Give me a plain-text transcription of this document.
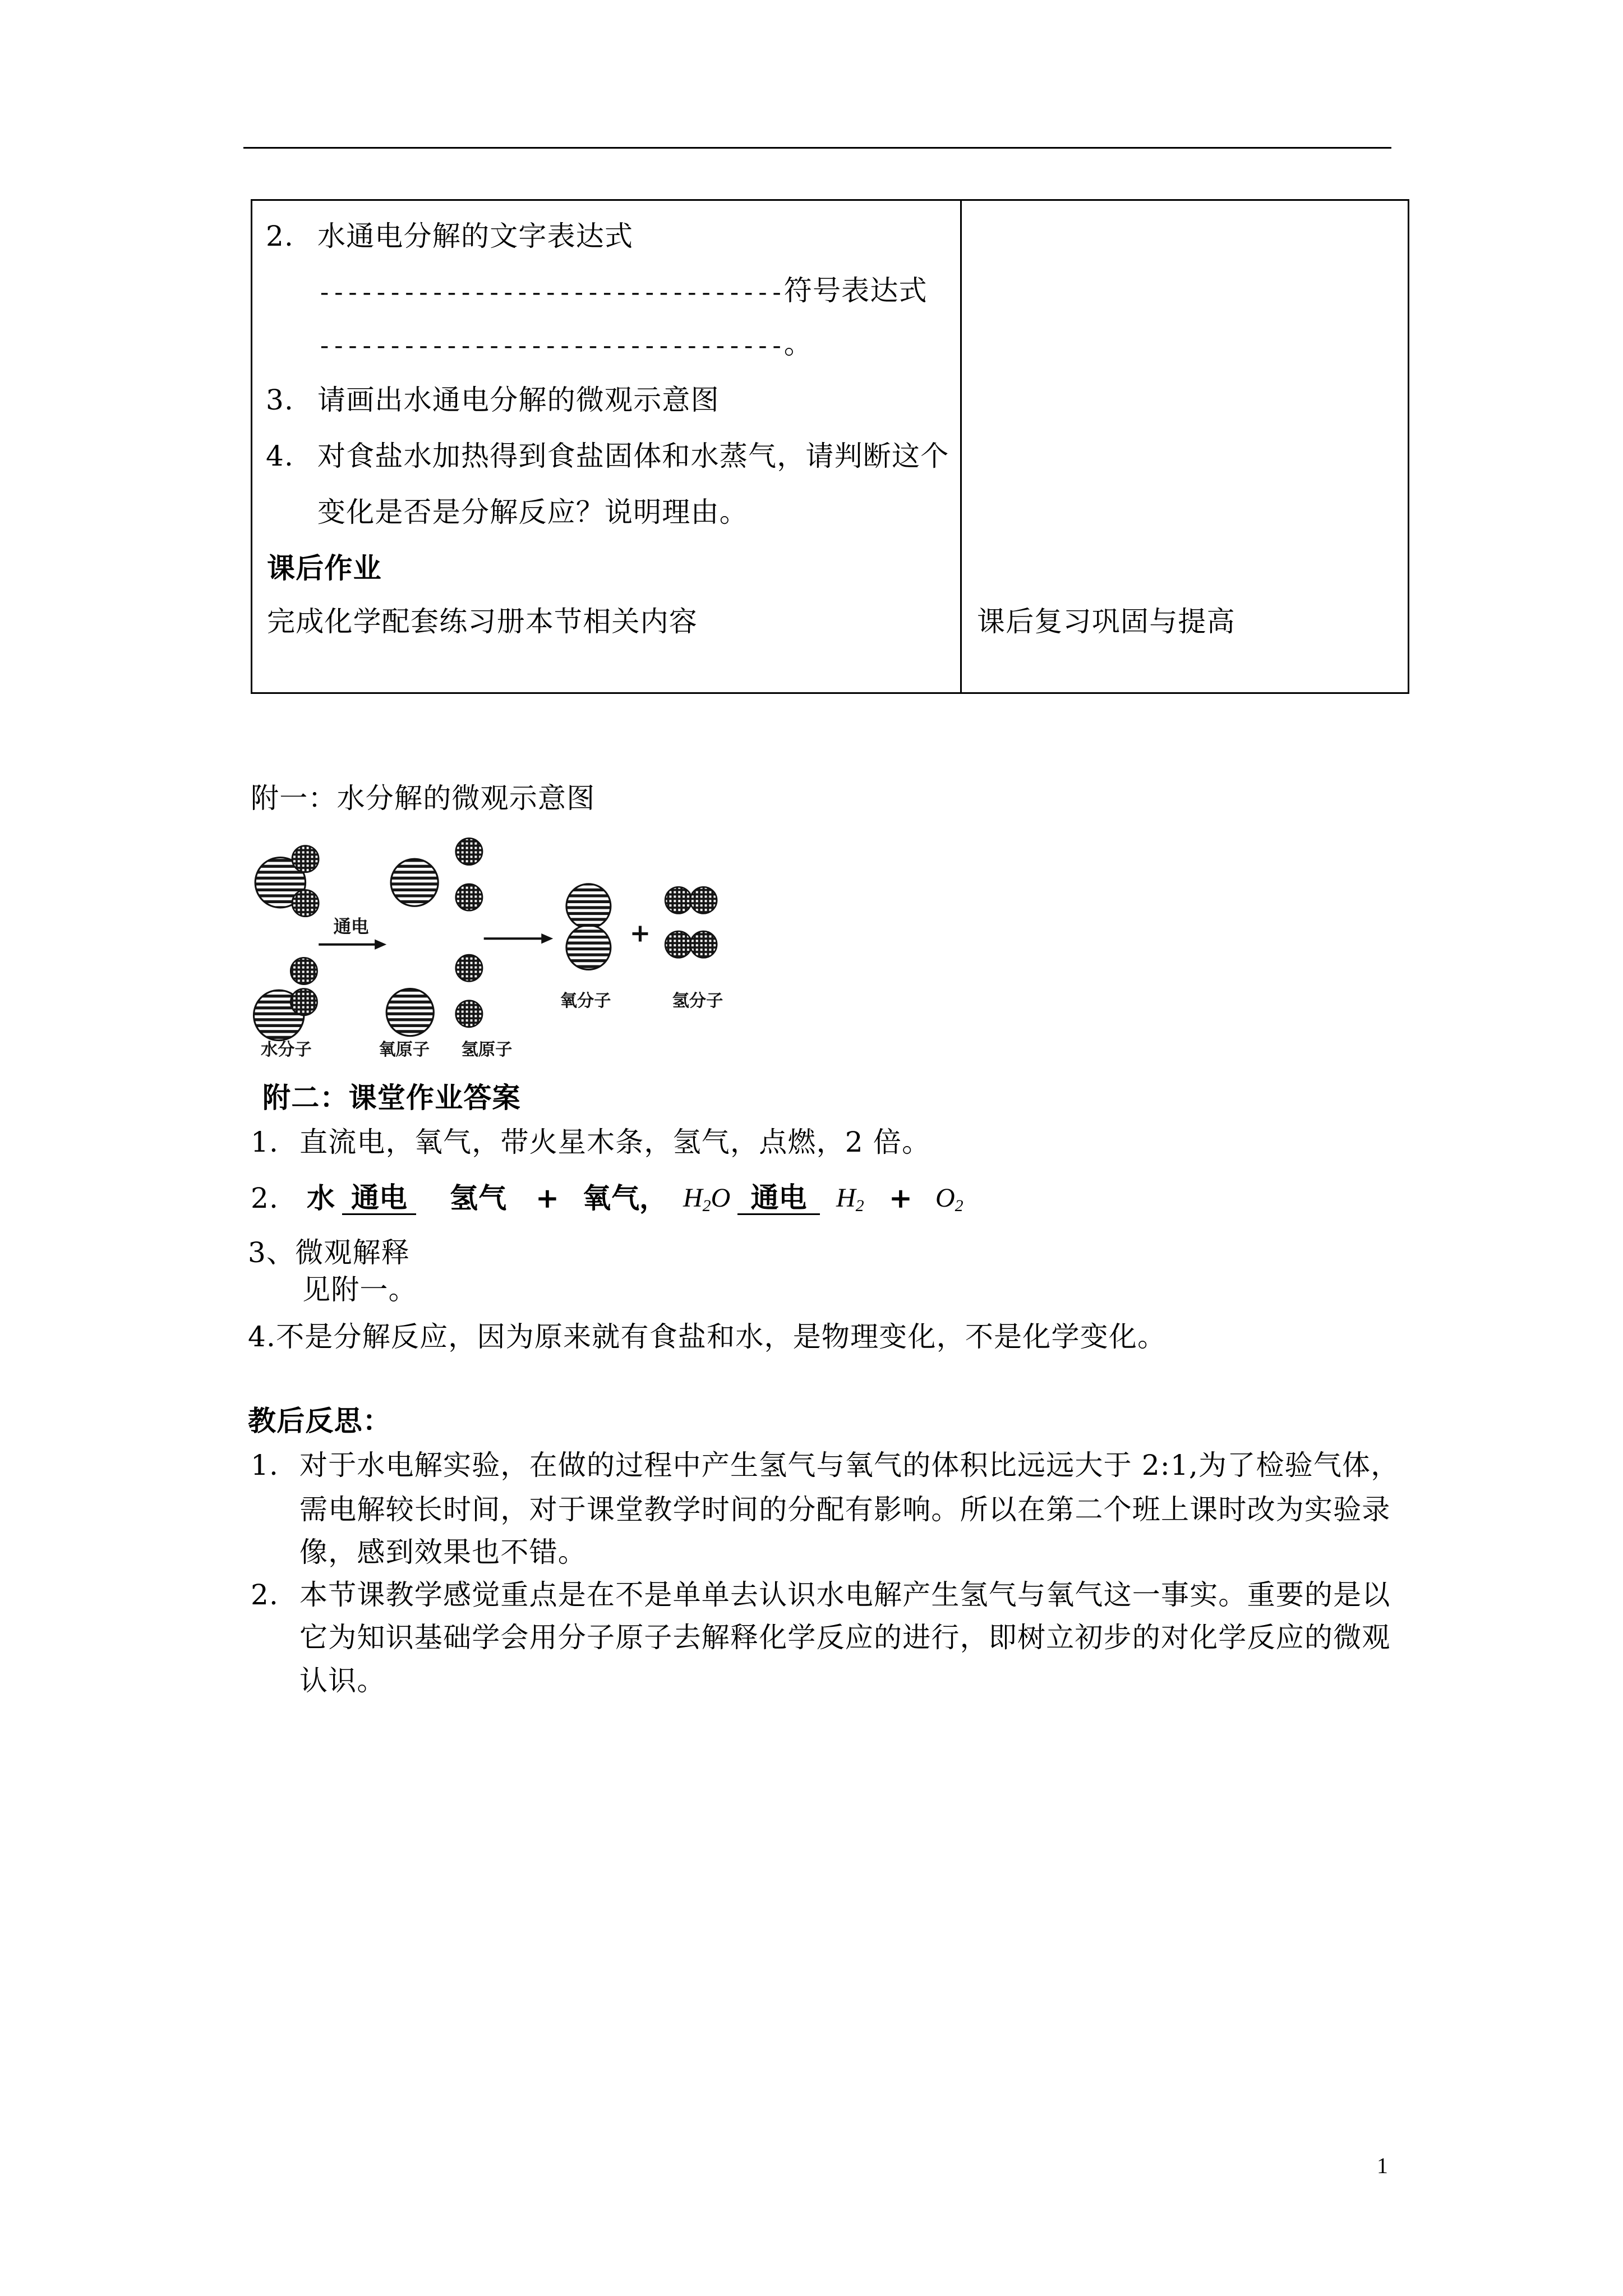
2. 水通电分解的文字表达式
---------------------------------符号表达式
---------------------------------。
3. 请画出水通电分解的微观示意图
4. 对食盐水加热得到食盐固体和水蒸气，请判断这个
变化是否是分解反应？说明理由。
课后作业
完成化学配套练习册本节相关内容	课后复习巩固与提高
附一：水分解的微观示意图
通电	+
水分子	氧原子	氢原子
氧分子	氢分子
附二：课堂作业答案
1. 直流电，氧气，带火星木条，氢气，点燃，2 倍。
2. 水 通电	氢气 + 氧气
， $H_2O$ 通电	$H_2 + O_2$
3、微观解释
见附一。
4.不是分解反应，因为原来就有食盐和水，是物理变化，不是化学变化。
教后反思：
1. 对于水电解实验，在做的过程中产生氢气与氧气的体积比远远大于 2:1,为了检验气体，
需电解较长时间，对于课堂教学时间的分配有影响。所以在第二个班上课时改为实验录
像，感到效果也不错。
2. 本节课教学感觉重点是在不是单单去认识水电解产生氢气与氧气这一事实。重要的是以
它为知识基础学会用分子原子去解释化学反应的进行，即树立初步的对化学反应的微观
认识。
1
